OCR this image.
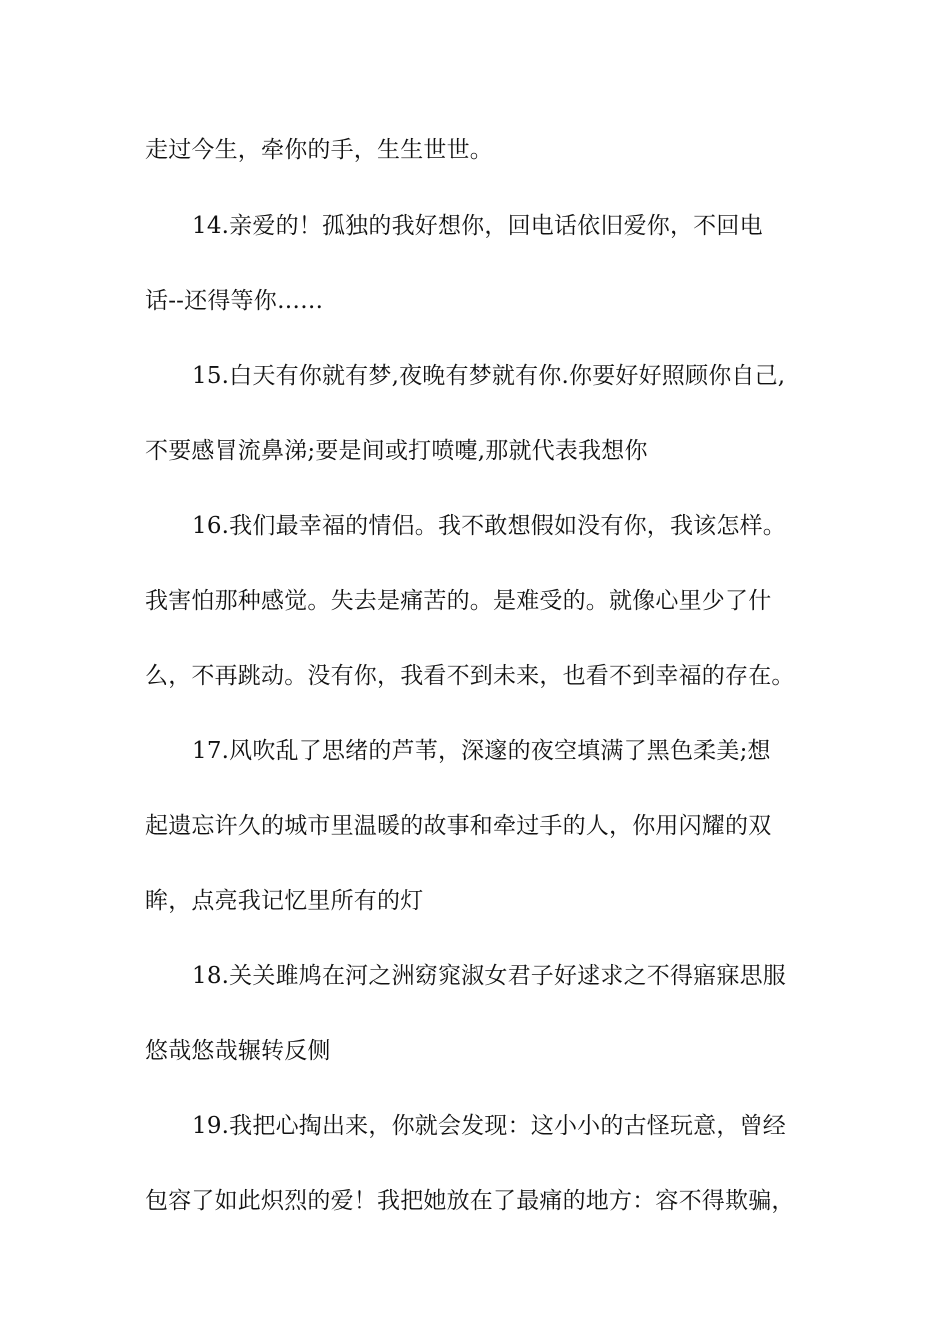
走过今生，牵你的手，生生世世。
14.亲爱的！孤独的我好想你，回电话依旧爱你，不回电
话--还得等你……
15.白天有你就有梦,夜晚有梦就有你.你要好好照顾你自己,
不要感冒流鼻涕;要是间或打喷嚏,那就代表我想你
16.我们最幸福的情侣。我不敢想假如没有你，我该怎样。
我害怕那种感觉。失去是痛苦的。是难受的。就像心里少了什
么，不再跳动。没有你，我看不到未来，也看不到幸福的存在。
17.风吹乱了思绪的芦苇，深邃的夜空填满了黑色柔美;想
起遗忘许久的城市里温暖的故事和牵过手的人，你用闪耀的双
眸，点亮我记忆里所有的灯
18.关关雎鸠在河之洲窈窕淑女君子好逑求之不得寤寐思服
悠哉悠哉辗转反侧
19.我把心掏出来，你就会发现：这小小的古怪玩意，曾经
包容了如此炽烈的爱！我把她放在了最痛的地方：容不得欺骗，
